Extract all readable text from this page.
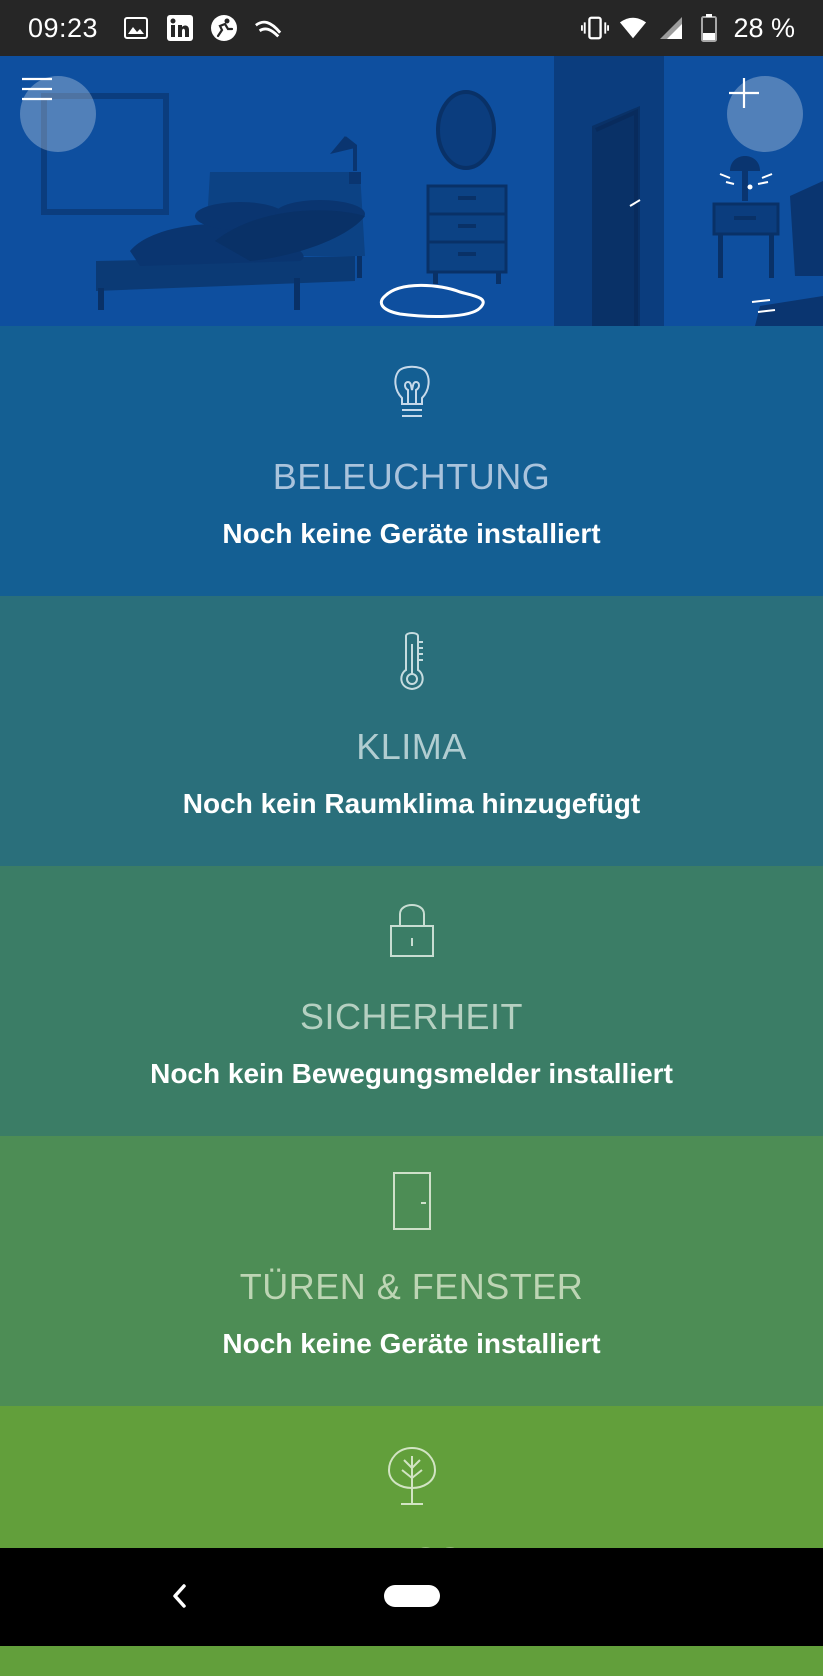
09:23	28 %
BELEUCHTUNG
Noch keine Geräte installiert
KLIMA
Noch kein Raumklima hinzugefügt
SICHERHEIT
Noch kein Bewegungsmelder installiert
TÜREN & FENSTER
Noch keine Geräte installiert
